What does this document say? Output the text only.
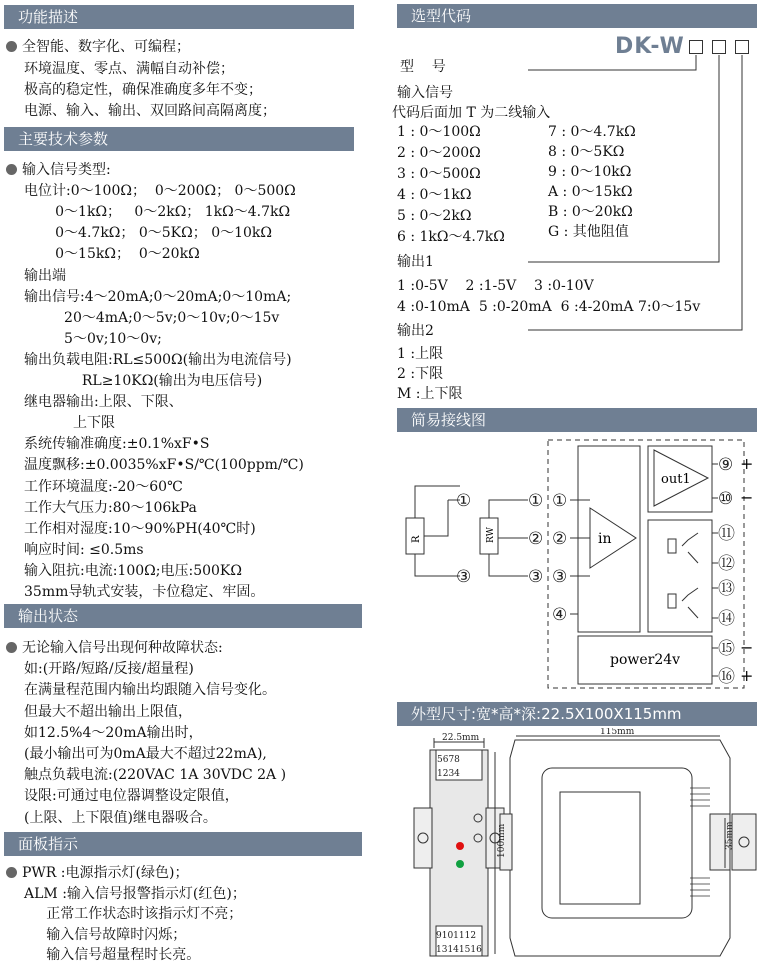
功能描述
全智能、数字化、可编程；
环境温度、零点、满幅自动补偿；
极高的稳定性，确保准确度多年不变；
电源、输入、输出、双回路间高隔离度；
主要技术参数
输入信号类型:
电位计:0～100Ω；  0～200Ω； 0～500Ω
0～1kΩ；   0～2kΩ； 1kΩ～4.7kΩ
0～4.7kΩ； 0～5KΩ； 0～10kΩ
0～15kΩ；  0～20kΩ
输出端
输出信号:4～20mA;0～20mA;0～10mA;
20～4mA;0～5v;0～10v;0～15v
5～0v;10～0v;
输出负载电阻:RL≤500Ω(输出为电流信号)
RL≥10KΩ(输出为电压信号)
继电器输出:上限、下限、
上下限
系统传输准确度:±0.1%xF•S
温度飘移:±0.0035%xF•S/℃(100ppm/℃)
工作环境温度:-20～60℃
工作大气压力:80～106kPa
工作相对湿度:10～90%PH(40℃时)
响应时间: ≤0.5ms
输入阻抗:电流:100Ω;电压:500KΩ
35mm导轨式安装，卡位稳定、牢固。
输出状态
无论输入信号出现何种故障状态:
如:(开路/短路/反接/超量程)
在满量程范围内输出均跟随入信号变化。
但最大不超出输出上限值，
如12.5%4～20mA输出时，
(最小输出可为0mA最大不超过22mA),
触点负载电流:(220VAC 1A 30VDC 2A )
设限:可通过电位器调整设定限值，
(上限、上下限值)继电器吸合。
面板指示
PWR :电源指示灯(绿色)；
ALM :输入信号报警指示灯(红色)；
正常工作状态时该指示灯不亮；
输入信号故障时闪烁；
输入信号超量程时长亮。
选型代码
DK-W
型    号
输入信号
代码后面加 T 为二线输入
1 : 0～100Ω
2 : 0～200Ω
3 : 0～500Ω
4 : 0～1kΩ
5 : 0～2kΩ
6 : 1kΩ～4.7kΩ
7 : 0～4.7kΩ
8 : 0～5KΩ
9 : 0～10kΩ
A : 0～15kΩ
B : 0～20kΩ
G : 其他阻值
输出1
1 :0-5V    2 :1-5V    3 :0-10V
4 :0-10mA  5 :0-20mA  6 :4-20mA 7:0～15v
输出2
1 :上限
2 :下限
M :上下限
简易接线图
R	RW
out1
in
power24v
①
③
①
②
③
①
②
③
④
⑨
⑩
⑪
⑫
⑬
⑭
⑮
⑯
+
−
−
+
外型尺寸:宽*高*深:22.5X100X115mm
22.5mm
115mm
100mm	35mm
5678
1234
9101112
13141516
